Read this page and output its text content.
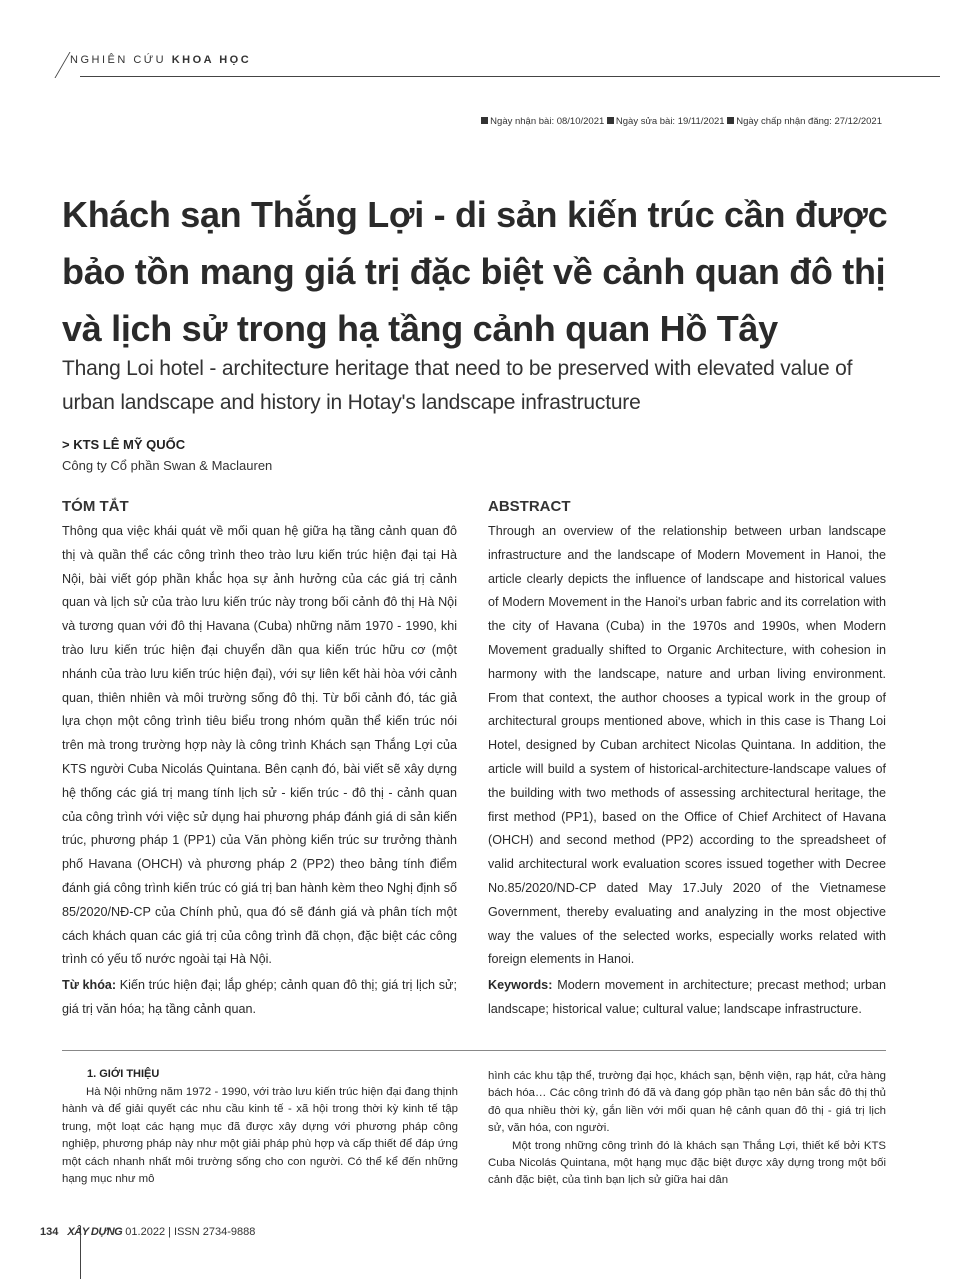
NGHIÊN CỨU KHOA HỌC
Ngày nhận bài: 08/10/2021 Ngày sửa bài: 19/11/2021 Ngày chấp nhận đăng: 27/12/2021
Khách sạn Thắng Lợi - di sản kiến trúc cần được bảo tồn mang giá trị đặc biệt về cảnh quan đô thị và lịch sử trong hạ tầng cảnh quan Hồ Tây
Thang Loi hotel - architecture heritage that need to be preserved with elevated value of urban landscape and history in Hotay's landscape infrastructure
> KTS LÊ MỸ QUỐC
Công ty Cổ phần Swan & Maclauren
TÓM TẮT
Thông qua việc khái quát về mối quan hệ giữa hạ tầng cảnh quan đô thị và quần thể các công trình theo trào lưu kiến trúc hiện đại tại Hà Nội, bài viết góp phần khắc họa sự ảnh hưởng của các giá trị cảnh quan và lịch sử của trào lưu kiến trúc này trong bối cảnh đô thị Hà Nội và tương quan với đô thị Havana (Cuba) những năm 1970 - 1990, khi trào lưu kiến trúc hiện đại chuyển dần qua kiến trúc hữu cơ (một nhánh của trào lưu kiến trúc hiện đại), với sự liên kết hài hòa với cảnh quan, thiên nhiên và môi trường sống đô thị. Từ bối cảnh đó, tác giả lựa chọn một công trình tiêu biểu trong nhóm quần thể kiến trúc nói trên mà trong trường hợp này là công trình Khách sạn Thắng Lợi của KTS người Cuba Nicolás Quintana. Bên cạnh đó, bài viết sẽ xây dựng hệ thống các giá trị mang tính lịch sử - kiến trúc - đô thị - cảnh quan của công trình với việc sử dụng hai phương pháp đánh giá di sản kiến trúc, phương pháp 1 (PP1) của Văn phòng kiến trúc sư trưởng thành phố Havana (OHCH) và phương pháp 2 (PP2) theo bảng tính điểm đánh giá công trình kiến trúc có giá trị ban hành kèm theo Nghị định số 85/2020/NĐ-CP của Chính phủ, qua đó sẽ đánh giá và phân tích một cách khách quan các giá trị của công trình đã chọn, đặc biệt các công trình có yếu tố nước ngoài tại Hà Nội.
Từ khóa: Kiến trúc hiện đại; lắp ghép; cảnh quan đô thị; giá trị lịch sử; giá trị văn hóa; hạ tầng cảnh quan.
ABSTRACT
Through an overview of the relationship between urban landscape infrastructure and the landscape of Modern Movement in Hanoi, the article clearly depicts the influence of landscape and historical values of Modern Movement in the Hanoi's urban fabric and its correlation with the city of Havana (Cuba) in the 1970s and 1990s, when Modern Movement gradually shifted to Organic Architecture, with cohesion in harmony with the landscape, nature and urban living environment. From that context, the author chooses a typical work in the group of architectural groups mentioned above, which in this case is Thang Loi Hotel, designed by Cuban architect Nicolas Quintana. In addition, the article will build a system of historical-architecture-landscape values of the building with two methods of assessing architectural heritage, the first method (PP1), based on the Office of Chief Architect of Havana (OHCH) and second method (PP2) according to the spreadsheet of valid architectural work evaluation scores issued together with Decree No.85/2020/ND-CP dated May 17.July 2020 of the Vietnamese Government, thereby evaluating and analyzing in the most objective way the values of the selected works, especially works related with foreign elements in Hanoi.
Keywords: Modern movement in architecture; precast method; urban landscape; historical value; cultural value; landscape infrastructure.
1. GIỚI THIỆU
Hà Nội những năm 1972 - 1990, với trào lưu kiến trúc hiện đại đang thịnh hành và để giải quyết các nhu cầu kinh tế - xã hội trong thời kỳ kinh tế tập trung, một loạt các hạng mục đã được xây dựng với phương pháp công nghiệp, phương pháp này như một giải pháp phù hợp và cấp thiết để đáp ứng một cách nhanh nhất môi trường sống cho con người. Có thể kể đến những hạng mục như mô
hình các khu tập thể, trường đại học, khách sạn, bệnh viện, rạp hát, cửa hàng bách hóa… Các công trình đó đã và đang góp phần tạo nên bản sắc đô thị thủ đô qua nhiều thời kỳ, gắn liền với mối quan hệ cảnh quan đô thị - giá trị lịch sử, văn hóa, con người.
Một trong những công trình đó là khách sạn Thắng Lợi, thiết kế bởi KTS Cuba Nicolás Quintana, một hạng mục đặc biệt được xây dựng trong một bối cảnh đặc biệt, của tình bạn lịch sử giữa hai dân
134 XÂY DỰNG 01.2022 | ISSN 2734-9888
